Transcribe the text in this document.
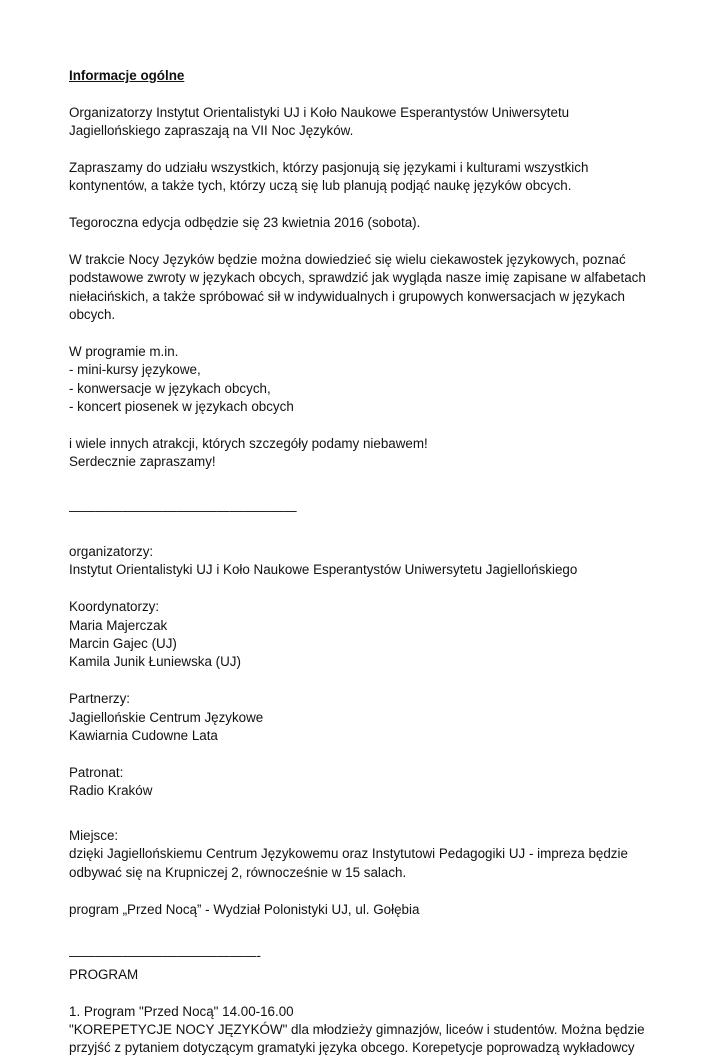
Informacje ogólne

Organizatorzy Instytut Orientalistyki UJ i Koło Naukowe Esperantystów Uniwersytetu
Jagiellońskiego zapraszają na VII Noc Języków.

Zapraszamy do udziału wszystkich, którzy pasjonują się językami i kulturami wszystkich
kontynentów, a także tych, którzy uczą się lub planują podjąć naukę języków obcych.

Tegoroczna edycja odbędzie się 23 kwietnia 2016 (sobota).

W trakcie Nocy Języków będzie można dowiedzieć się wielu ciekawostek językowych, poznać
podstawowe zwroty w językach obcych, sprawdzić jak wygląda nasze imię zapisane w alfabetach
niełacińskich, a także spróbować sił w indywidualnych i grupowych konwersacjach w językach
obcych.

W programie m.in.
- mini-kursy językowe,
- konwersacje w językach obcych,
- koncert piosenek w językach obcych

i wiele innych atrakcji, których szczegóły podamy niebawem!
Serdecznie zapraszamy!

—————————————————

organizatorzy:
Instytut Orientalistyki UJ i Koło Naukowe Esperantystów Uniwersytetu Jagiellońskiego

Koordynatorzy:
Maria Majerczak
Marcin Gajec (UJ)
Kamila Junik Łuniewska (UJ)

Partnerzy:
Jagiellońskie Centrum Językowe
Kawiarnia Cudowne Lata

Patronat:
Radio Kraków

Miejsce:
dzięki Jagiellońskiemu Centrum Językowemu oraz Instytutowi Pedagogiki UJ - impreza będzie
odbywać się na Krupniczej 2, równocześnie w 15 salach.

program „Przed Nocą” - Wydział Polonistyki UJ, ul. Gołębia

——————————————-
PROGRAM

1. Program "Przed Nocą" 14.00-16.00
"KOREPETYCJE NOCY JĘZYKÓW" dla młodzieży gimnazjów, liceów i studentów. Można będzie
przyjść z pytaniem dotyczącym gramatyki języka obcego. Korepetycje poprowadzą wykładowcy
